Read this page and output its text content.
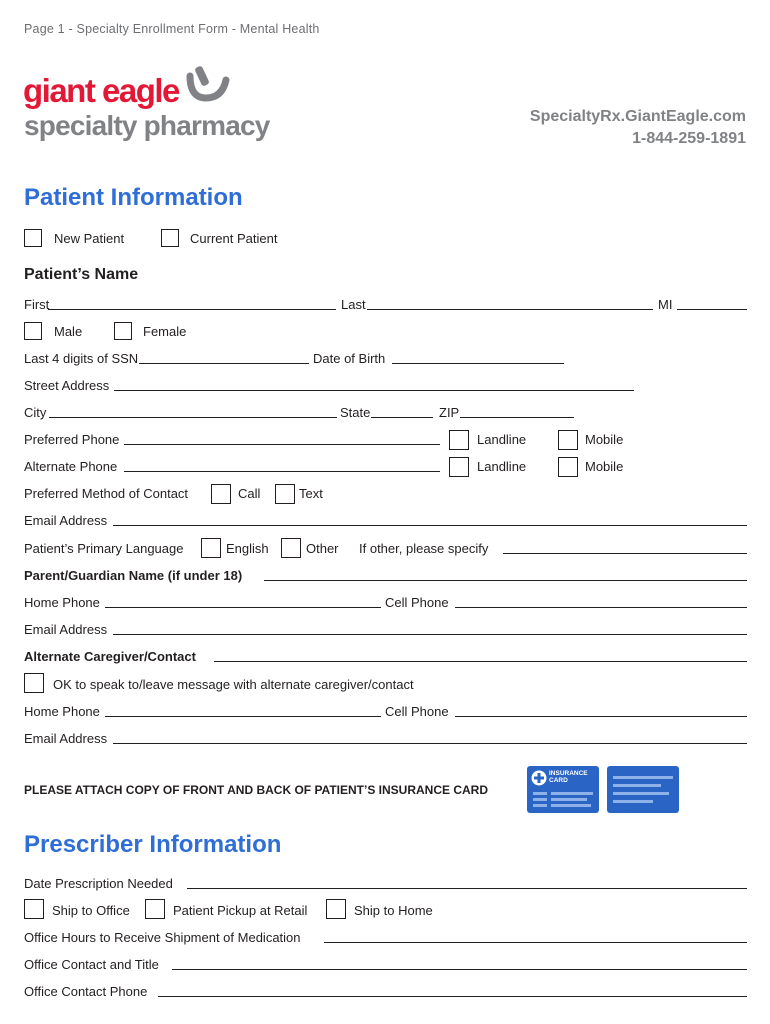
Page 1 - Specialty Enrollment Form - Mental Health
giant eagle
specialty pharmacy	SpecialtyRx.GiantEagle.com
1-844-259-1891
Patient Information
New Patient	Current Patient
Patient’s Name
First	Last	MI
Male	Female
Last 4 digits of SSN	Date of Birth
Street Address
City	State	ZIP
Preferred Phone	Landline	Mobile
Alternate Phone	Landline	Mobile
Preferred Method of Contact	Call	Text
Email Address
Patient’s Primary Language	English	Other If other, please specify
Parent/Guardian Name (if under 18)
Home Phone	Cell Phone
Email Address
Alternate Caregiver/Contact
OK to speak to/leave message with alternate caregiver/contact
Home Phone	Cell Phone
Email Address
PLEASE ATTACH COPY OF FRONT AND BACK OF PATIENT’S INSURANCE CARD
INSURANCE
CARD
Prescriber Information
Date Prescription Needed
Ship to Office	Patient Pickup at Retail	Ship to Home
Office Hours to Receive Shipment of Medication
Office Contact and Title
Office Contact Phone
